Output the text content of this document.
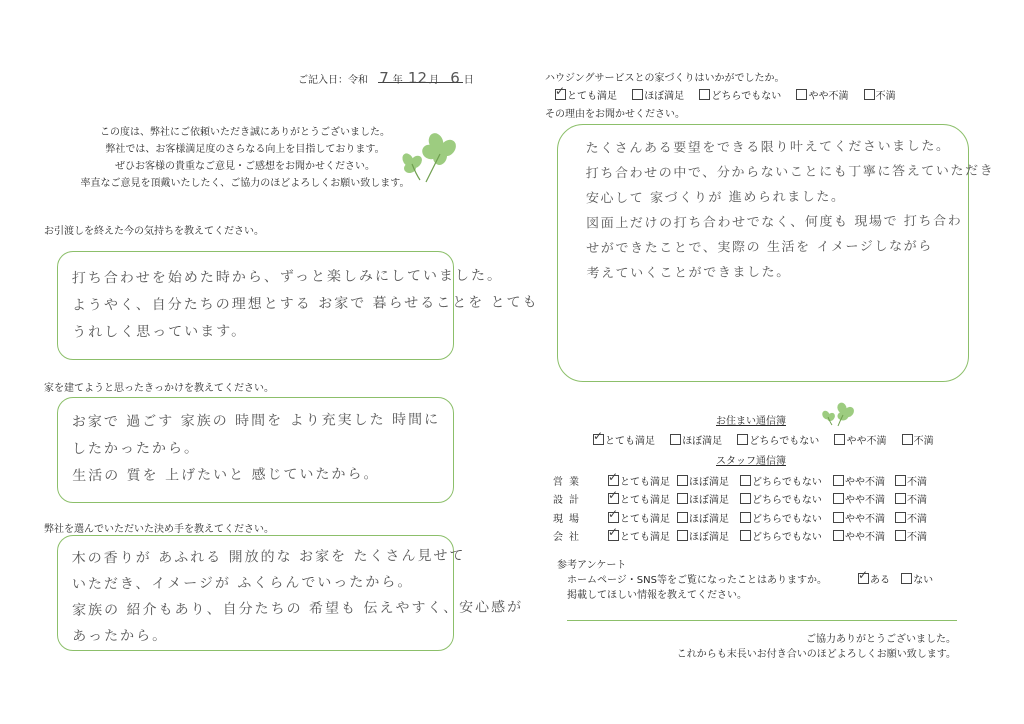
ご記入日：令和 7 年 12 月 6 日
この度は、弊社にご依頼いただき誠にありがとうございました。
弊社では、お客様満足度のさらなる向上を目指しております。
ぜひお客様の貴重なご意見・ご感想をお聞かせください。
率直なご意見を頂戴いたしたく、ご協力のほどよろしくお願い致します。
お引渡しを終えた今の気持ちを教えてください。
打ち合わせを始めた時から、ずっと楽しみにしていました。
ようやく、自分たちの理想とする お家で 暮らせることを とても
うれしく思っています。
家を建てようと思ったきっかけを教えてください。
お家で 過ごす 家族の 時間を より充実した 時間に
したかったから。
生活の 質を 上げたいと 感じていたから。
弊社を選んでいただいた決め手を教えてください。
木の香りが あふれる 開放的な お家を たくさん見せて
いただき、イメージが ふくらんでいったから。
家族の 紹介もあり、自分たちの 希望も 伝えやすく、安心感が
あったから。
ハウジングサービスとの家づくりはいかがでしたか。
✓とても満足	ほぼ満足	どちらでもない	やや不満	不満
その理由をお聞かせください。
たくさんある要望をできる限り叶えてくださいました。
打ち合わせの中で、分からないことにも丁寧に答えていただき
安心して 家づくりが 進められました。
図面上だけの打ち合わせでなく、何度も 現場で 打ち合わ
せができたことで、実際の 生活を イメージしながら
考えていくことができました。
お住まい通信簿
✓とても満足	ほぼ満足	どちらでもない	やや不満	不満
スタッフ通信簿
営業 ✓	とても満足	ほぼ満足	どちらでもない	やや不満	不満
設計 ✓	とても満足	ほぼ満足	どちらでもない	やや不満	不満
現場 ✓	とても満足	ほぼ満足	どちらでもない	やや不満	不満
会社 ✓	とても満足	ほぼ満足	どちらでもない	やや不満	不満
参考アンケート
ホームページ・SNS等をご覧になったことはありますか。 ✓	ある ない
掲載してほしい情報を教えてください。
ご協力ありがとうございました。
これからも末長いお付き合いのほどよろしくお願い致します。
